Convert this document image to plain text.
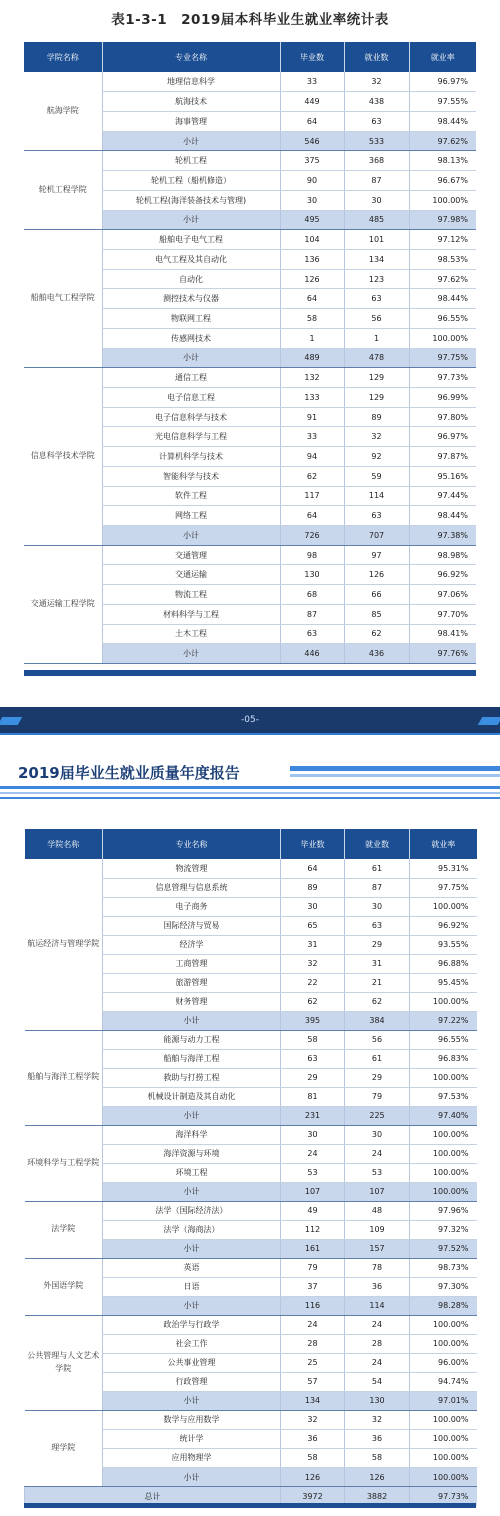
表1-3-1　2019届本科毕业生就业率统计表
学院名称	专业名称	毕业数	就业数	就业率
航海学院	地理信息科学	33	32	96.97%
	航海技术	449	438	97.55%
	海事管理	64	63	98.44%
	小计	546	533	97.62%
轮机工程学院	轮机工程	375	368	98.13%
	轮机工程（船机修造）	90	87	96.67%
	轮机工程(海洋装备技术与管理)	30	30	100.00%
	小计	495	485	97.98%
船舶电气工程学院	船舶电子电气工程	104	101	97.12%
	电气工程及其自动化	136	134	98.53%
	自动化	126	123	97.62%
	测控技术与仪器	64	63	98.44%
	物联网工程	58	56	96.55%
	传感网技术	1	1	100.00%
	小计	489	478	97.75%
信息科学技术学院	通信工程	132	129	97.73%
	电子信息工程	133	129	96.99%
	电子信息科学与技术	91	89	97.80%
	光电信息科学与工程	33	32	96.97%
	计算机科学与技术	94	92	97.87%
	智能科学与技术	62	59	95.16%
	软件工程	117	114	97.44%
	网络工程	64	63	98.44%
	小计	726	707	97.38%
交通运输工程学院	交通管理	98	97	98.98%
	交通运输	130	126	96.92%
	物流工程	68	66	97.06%
	材料科学与工程	87	85	97.70%
	土木工程	63	62	98.41%
	小计	446	436	97.76%
-05-
2019届毕业生就业质量年度报告
学院名称	专业名称	毕业数	就业数	就业率
航运经济与管理学院	物流管理	64	61	95.31%
	信息管理与信息系统	89	87	97.75%
	电子商务	30	30	100.00%
	国际经济与贸易	65	63	96.92%
	经济学	31	29	93.55%
	工商管理	32	31	96.88%
	旅游管理	22	21	95.45%
	财务管理	62	62	100.00%
	小计	395	384	97.22%
船舶与海洋工程学院	能源与动力工程	58	56	96.55%
	船舶与海洋工程	63	61	96.83%
	救助与打捞工程	29	29	100.00%
	机械设计制造及其自动化	81	79	97.53%
	小计	231	225	97.40%
环境科学与工程学院	海洋科学	30	30	100.00%
	海洋资源与环境	24	24	100.00%
	环境工程	53	53	100.00%
	小计	107	107	100.00%
法学院	法学（国际经济法）	49	48	97.96%
	法学（海商法）	112	109	97.32%
	小计	161	157	97.52%
外国语学院	英语	79	78	98.73%
	日语	37	36	97.30%
	小计	116	114	98.28%
公共管理与人文艺术学院	政治学与行政学	24	24	100.00%
	社会工作	28	28	100.00%
	公共事业管理	25	24	96.00%
	行政管理	57	54	94.74%
	小计	134	130	97.01%
理学院	数学与应用数学	32	32	100.00%
	统计学	36	36	100.00%
	应用物理学	58	58	100.00%
	小计	126	126	100.00%
总计		3972	3882	97.73%
